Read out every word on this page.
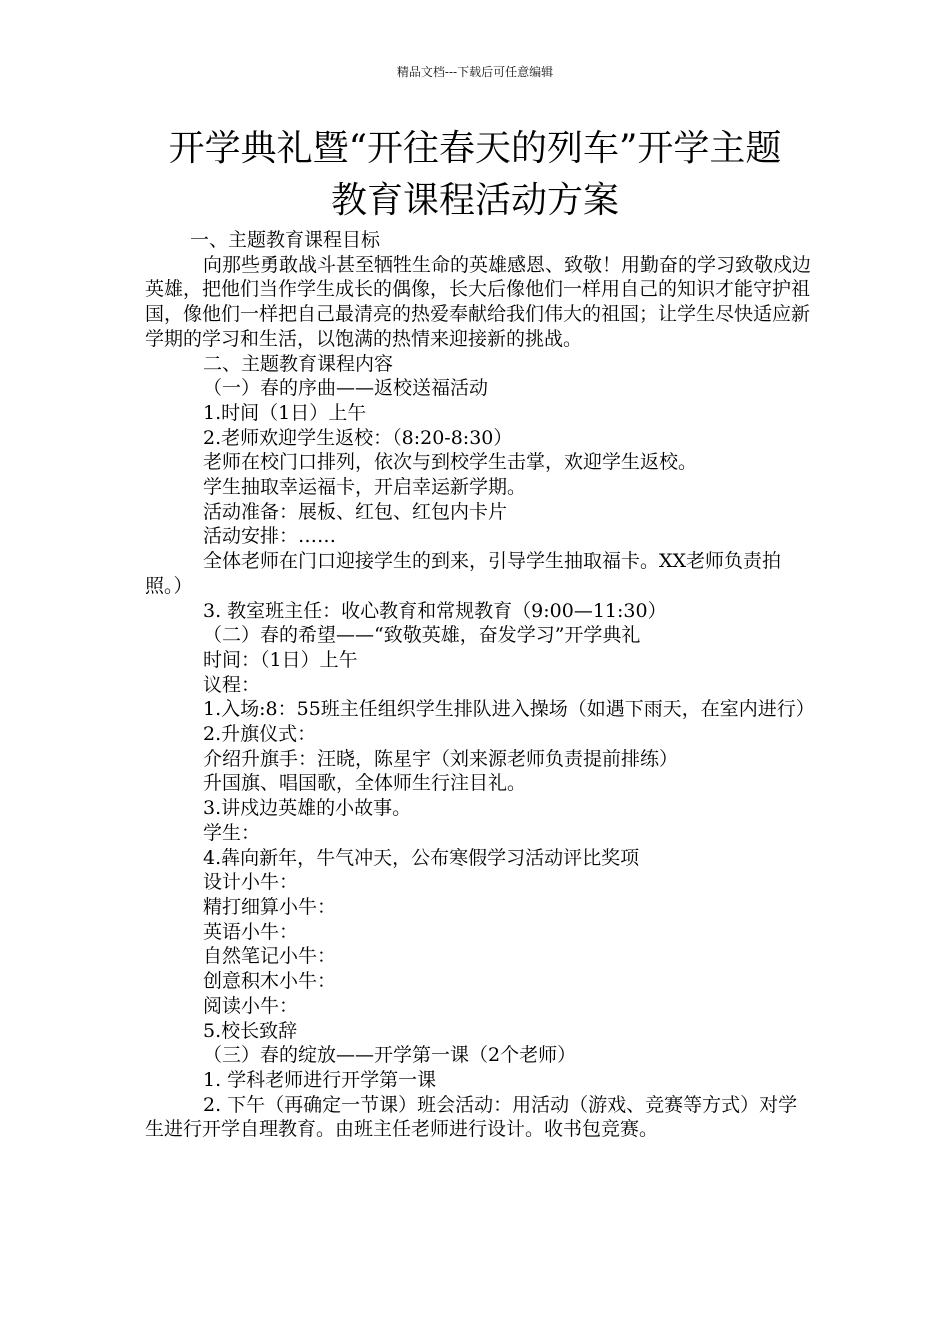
精品文档---下载后可任意编辑
开学典礼暨“开往春天的列车”开学主题
教育课程活动方案

一、主题教育课程目标

向那些勇敢战斗甚至牺牲生命的英雄感恩、致敬！用勤奋的学习致敬戍边英雄，把他们当作学生成长的偶像，长大后像他们一样用自己的知识才能守护祖国，像他们一样把自己最清亮的热爱奉献给我们伟大的祖国；让学生尽快适应新学期的学习和生活，以饱满的热情来迎接新的挑战。

二、主题教育课程内容

（一）春的序曲——返校送福活动

1.时间（1日）上午

2.老师欢迎学生返校：（8:20-8:30）

老师在校门口排列，依次与到校学生击掌，欢迎学生返校。

学生抽取幸运福卡，开启幸运新学期。

活动准备：展板、红包、红包内卡片

活动安排：……

全体老师在门口迎接学生的到来，引导学生抽取福卡。XX老师负责拍照。）

3. 教室班主任：收心教育和常规教育（9:00—11:30）

（二）春的希望——“致敬英雄，奋发学习”开学典礼

时间：（1日）上午

议程：

1.入场:8：55班主任组织学生排队进入操场（如遇下雨天，在室内进行）

2.升旗仪式：

介绍升旗手：汪晓，陈星宇（刘来源老师负责提前排练）

升国旗、唱国歌，全体师生行注目礼。

3.讲戍边英雄的小故事。

学生：

4.犇向新年，牛气冲天，公布寒假学习活动评比奖项

设计小牛：

精打细算小牛：

英语小牛：

自然笔记小牛：

创意积木小牛：

阅读小牛：

5.校长致辞

（三）春的绽放——开学第一课（2个老师）

1. 学科老师进行开学第一课

2. 下午（再确定一节课）班会活动：用活动（游戏、竞赛等方式）对学生进行开学自理教育。由班主任老师进行设计。收书包竞赛。
